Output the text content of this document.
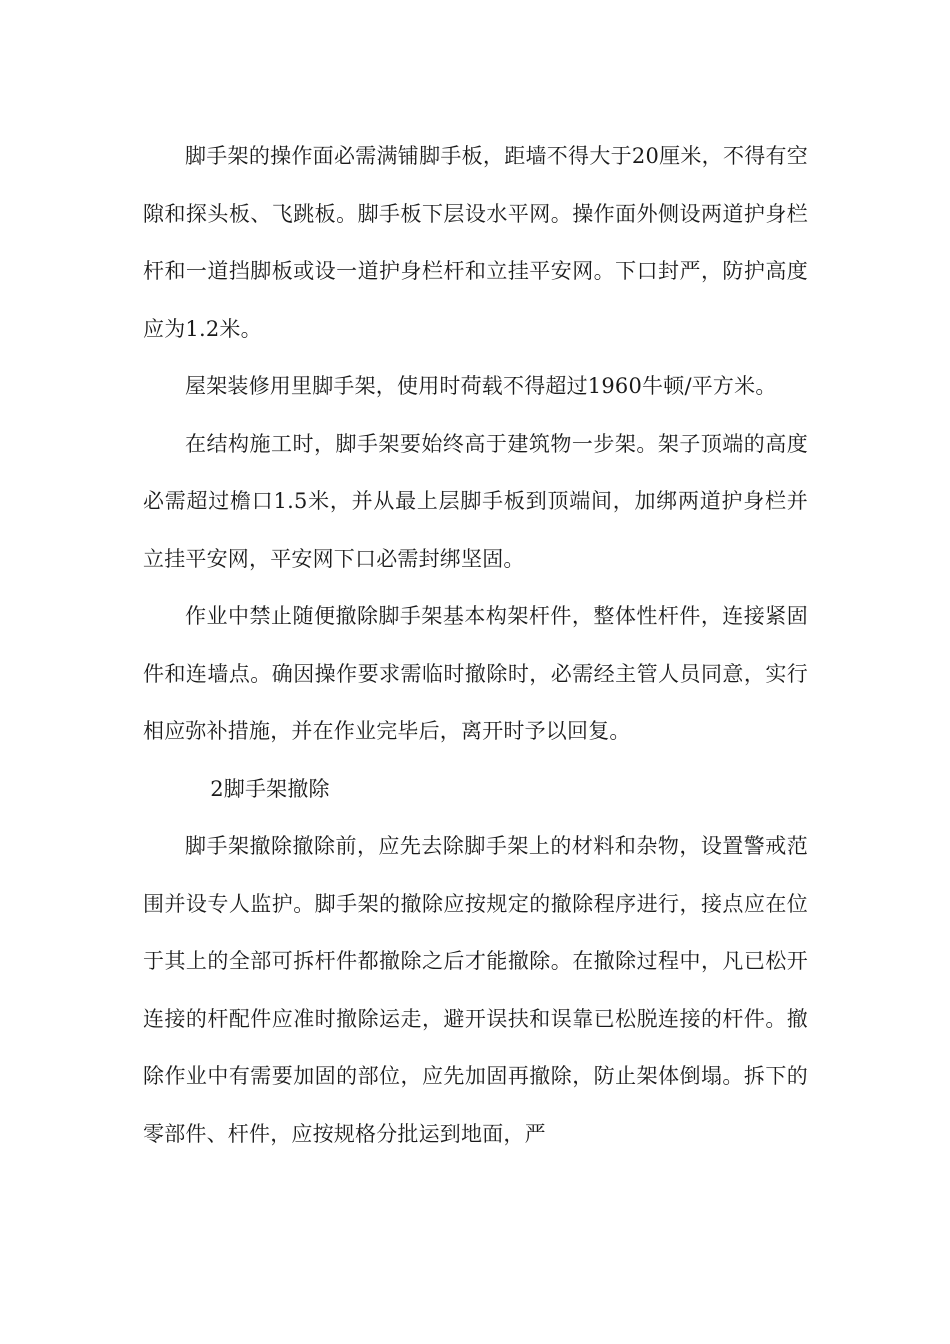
脚手架的操作面必需满铺脚手板，距墙不得大于20厘米，不得有空隙和探头板、飞跳板。脚手板下层设水平网。操作面外侧设两道护身栏杆和一道挡脚板或设一道护身栏杆和立挂平安网。下口封严，防护高度应为1.2米。

屋架装修用里脚手架，使用时荷载不得超过1960牛顿/平方米。

在结构施工时，脚手架要始终高于建筑物一步架。架子顶端的高度必需超过檐口1.5米，并从最上层脚手板到顶端间，加绑两道护身栏并立挂平安网，平安网下口必需封绑坚固。

作业中禁止随便撤除脚手架基本构架杆件，整体性杆件，连接紧固件和连墙点。确因操作要求需临时撤除时，必需经主管人员同意，实行相应弥补措施，并在作业完毕后，离开时予以回复。

2脚手架撤除

脚手架撤除撤除前，应先去除脚手架上的材料和杂物，设置警戒范围并设专人监护。脚手架的撤除应按规定的撤除程序进行，接点应在位于其上的全部可拆杆件都撤除之后才能撤除。在撤除过程中，凡已松开连接的杆配件应准时撤除运走，避开误扶和误靠已松脱连接的杆件。撤除作业中有需要加固的部位，应先加固再撤除，防止架体倒塌。拆下的零部件、杆件，应按规格分批运到地面，严
